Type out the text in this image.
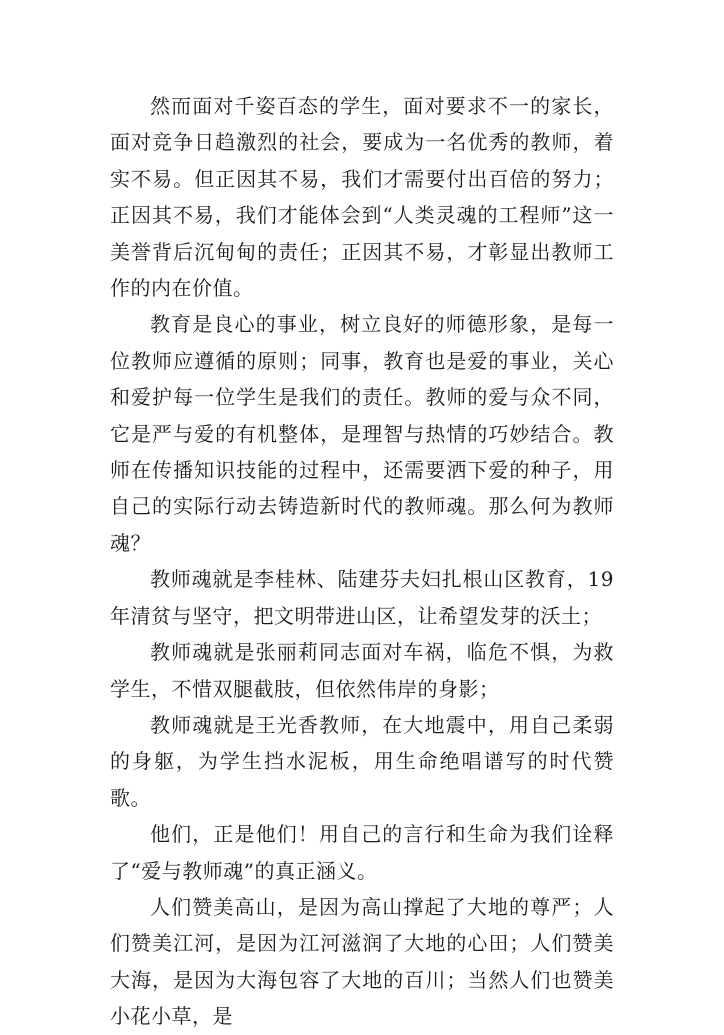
然而面对千姿百态的学生，面对要求不一的家长，面对竞争日趋激烈的社会，要成为一名优秀的教师，着实不易。但正因其不易，我们才需要付出百倍的努力；正因其不易，我们才能体会到“人类灵魂的工程师”这一美誉背后沉甸甸的责任；正因其不易，才彰显出教师工作的内在价值。

教育是良心的事业，树立良好的师德形象，是每一位教师应遵循的原则；同事，教育也是爱的事业，关心和爱护每一位学生是我们的责任。教师的爱与众不同，它是严与爱的有机整体，是理智与热情的巧妙结合。教师在传播知识技能的过程中，还需要洒下爱的种子，用自己的实际行动去铸造新时代的教师魂。那么何为教师魂？

教师魂就是李桂林、陆建芬夫妇扎根山区教育，19 年清贫与坚守，把文明带进山区，让希望发芽的沃土；

教师魂就是张丽莉同志面对车祸，临危不惧，为救学生，不惜双腿截肢，但依然伟岸的身影；

教师魂就是王光香教师，在大地震中，用自己柔弱的身躯，为学生挡水泥板，用生命绝唱谱写的时代赞歌。

他们，正是他们！用自己的言行和生命为我们诠释了“爱与教师魂”的真正涵义。

人们赞美高山，是因为高山撑起了大地的尊严；人们赞美江河，是因为江河滋润了大地的心田；人们赞美大海，是因为大海包容了大地的百川；当然人们也赞美小花小草，是
